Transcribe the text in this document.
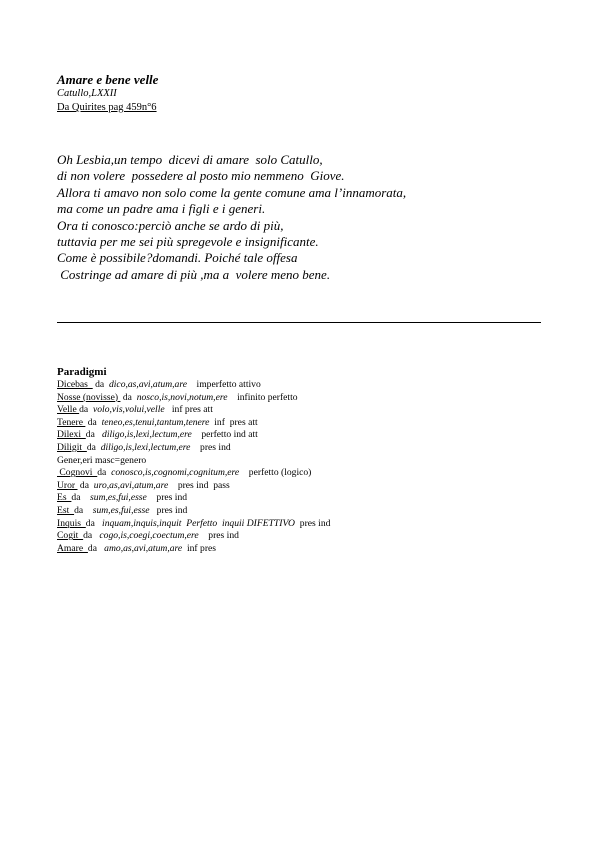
Amare e bene velle
Catullo,LXXII
Da Quirites pag 459n°6
Oh Lesbia,un tempo  dicevi di amare  solo Catullo,
di non volere  possedere al posto mio nemmeno  Giove.
Allora ti amavo non solo come la gente comune ama l’innamorata,
ma come un padre ama i figli e i generi.
Ora ti conosco:perciò anche se ardo di più,
tuttavia per me sei più spregevole e insignificante.
Come è possibile?domandi. Poiché tale offesa
Costringe ad amare di più ,ma a  volere meno bene.
Paradigmi
Dicebas   da  dico,as,avi,atum,are    imperfetto attivo
Nosse (novisse)  da  nosco,is,novi,notum,ere    infinito perfetto
Velle da  volo,vis,volui,velle   inf pres att
Tenere  da  teneo,es,tenui,tantum,tenere  inf  pres att
Dilexi  da   diligo,is,lexi,lectum,ere    perfetto ind att
Diligit  da  diligo,is,lexi,lectum,ere    pres ind
Gener,eri masc=genero
Cognovi  da  conosco,is,cognomi,cognitum,ere    perfetto (logico)
Uror  da  uro,as,avi,atum,are    pres ind  pass
Es  da    sum,es,fui,esse    pres ind
Est  da    sum,es,fui,esse   pres ind
Inquis  da   inquam,inquis,inquit  Perfetto  inquii DIFETTIVO  pres ind
Cogit  da   cogo,is,coegi,coectum,ere    pres ind
Amare  da   amo,as,avi,atum,are  inf pres
